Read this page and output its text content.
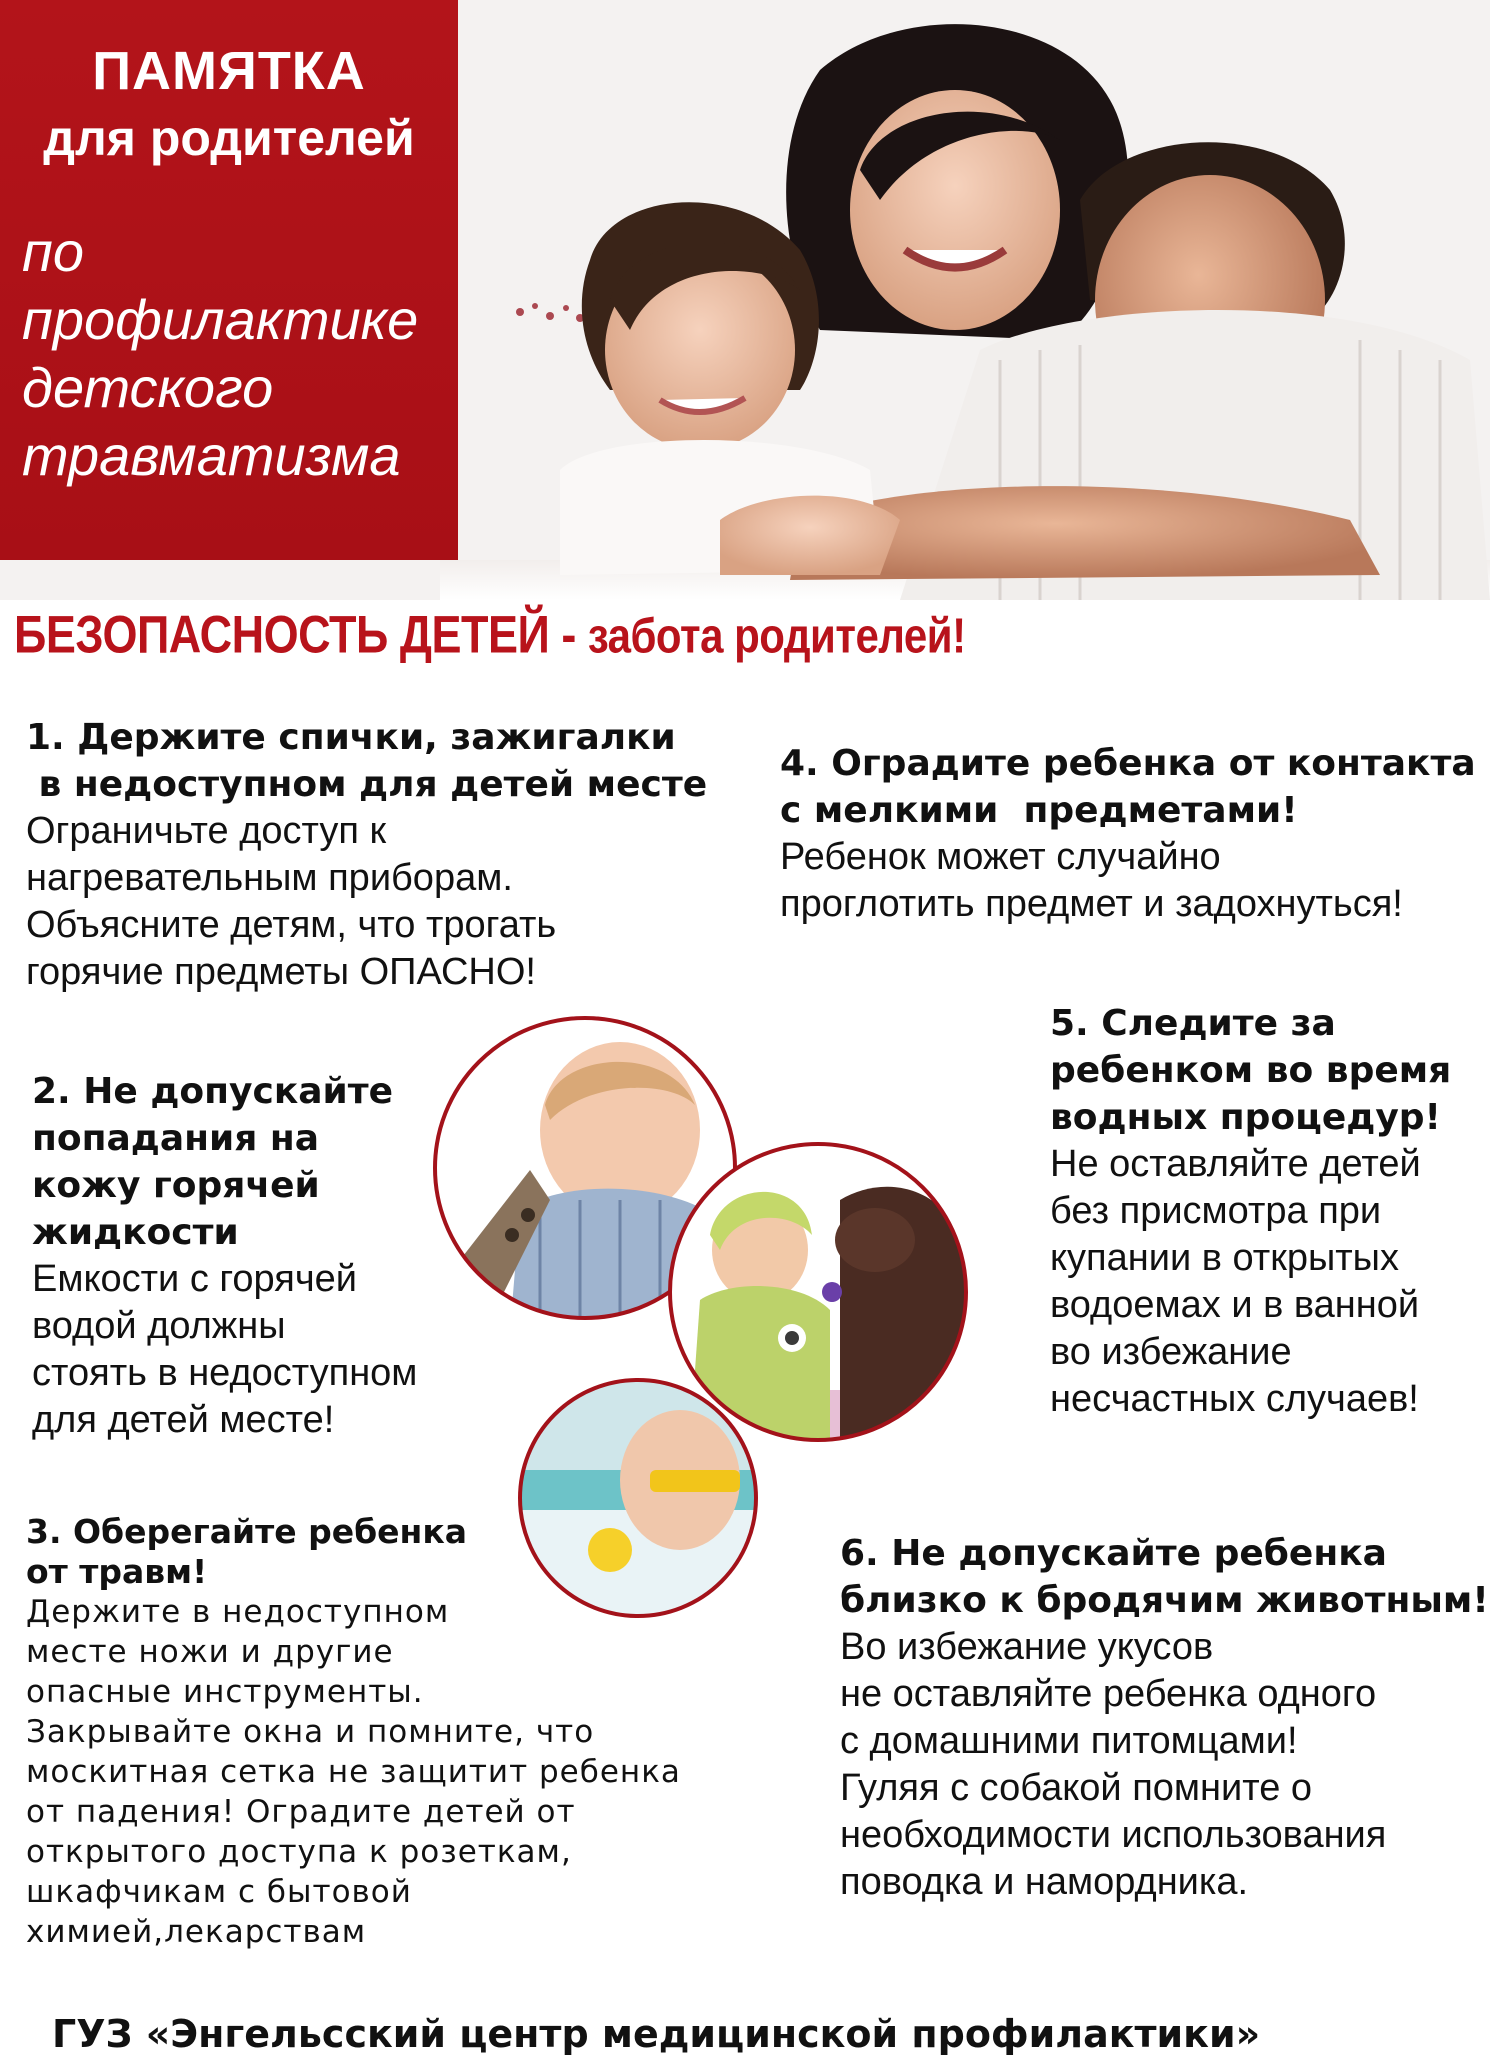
ПАМЯТКА
для родителей
по
профилактике
детского
травматизма
БЕЗОПАСНОСТЬ ДЕТЕЙ - забота родителей!
1. Держите спички, зажигалки
в недоступном для детей месте

Ограничьте доступ к
нагревательным приборам.
Объясните детям, что трогать
горячие предметы ОПАСНО!

2. Не допускайте
попадания на
кожу горячей
жидкости

Емкости с горячей
водой должны
стоять в недоступном
для детей месте!

3. Оберегайте ребенка
от травм!

Держите в недоступном
месте ножи и другие
опасные инструменты.
Закрывайте окна и помните, что
москитная сетка не защитит ребенка
от падения! Оградите детей от
открытого доступа к розеткам,
шкафчикам с бытовой
химией,лекарствам

4. Оградите ребенка от контакта
с мелкими  предметами!

Ребенок может случайно
проглотить предмет и задохнуться!

5. Следите за
ребенком во время
водных процедур!

Не оставляйте детей
без присмотра при
купании в открытых
водоемах и в ванной
во избежание
несчастных случаев!

6. Не допускайте ребенка
близко к бродячим животным!

Во избежание укусов
не оставляйте ребенка одного
с домашними питомцами!
Гуляя с собакой помните о
необходимости использования
поводка и намордника.

ГУЗ «Энгельсский центр медицинской профилактики»
